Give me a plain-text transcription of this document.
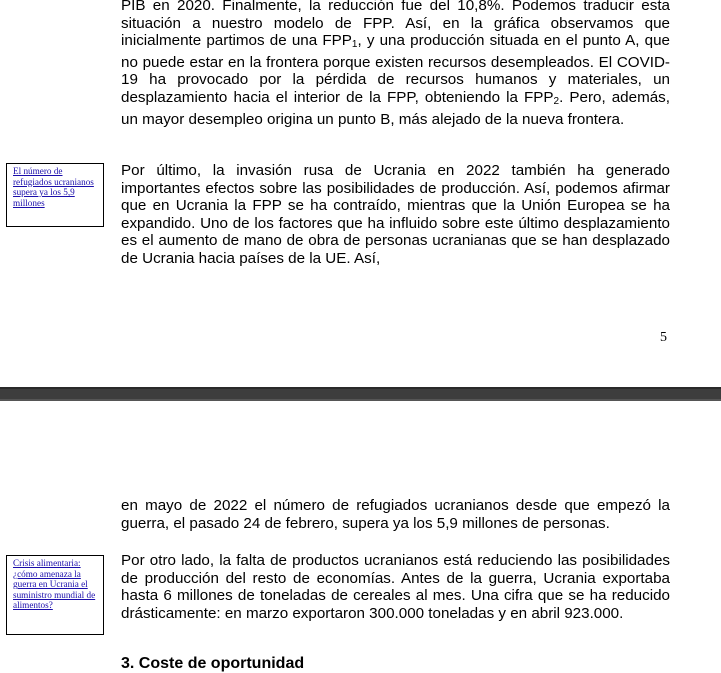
PIB en 2020. Finalmente, la reducción fue del 10,8%. Podemos traducir esta situación a nuestro modelo de FPP. Así, en la gráfica observamos que inicialmente partimos de una $FPP_1$, y una producción situada en el punto A, que no puede estar en la frontera porque existen recursos desempleados. El COVID-19 ha provocado por la pérdida de recursos humanos y materiales, un desplazamiento hacia el interior de la FPP, obteniendo la $FPP_2$. Pero, además, un mayor desempleo origina un punto B, más alejado de la nueva frontera.

Por último, la invasión rusa de Ucrania en 2022 también ha generado importantes efectos sobre las posibilidades de producción. Así, podemos afirmar que en Ucrania la FPP se ha contraído, mientras que la Unión Europea se ha expandido. Uno de los factores que ha influido sobre este último desplazamiento es el aumento de mano de obra de personas ucranianas que se han desplazado de Ucrania hacia países de la UE. Así,

El número de refugiados ucranianos supera ya los 5,9 millones
5

en mayo de 2022 el número de refugiados ucranianos desde que empezó la guerra, el pasado 24 de febrero, supera ya los 5,9 millones de personas.

Por otro lado, la falta de productos ucranianos está reduciendo las posibilidades de producción del resto de economías. Antes de la guerra, Ucrania exportaba hasta 6 millones de toneladas de cereales al mes. Una cifra que se ha reducido drásticamente: en marzo exportaron 300.000 toneladas y en abril 923.000.

Crisis alimentaria: ¿cómo amenaza la guerra en Ucrania el suministro mundial de alimentos?
3. Coste de oportunidad
